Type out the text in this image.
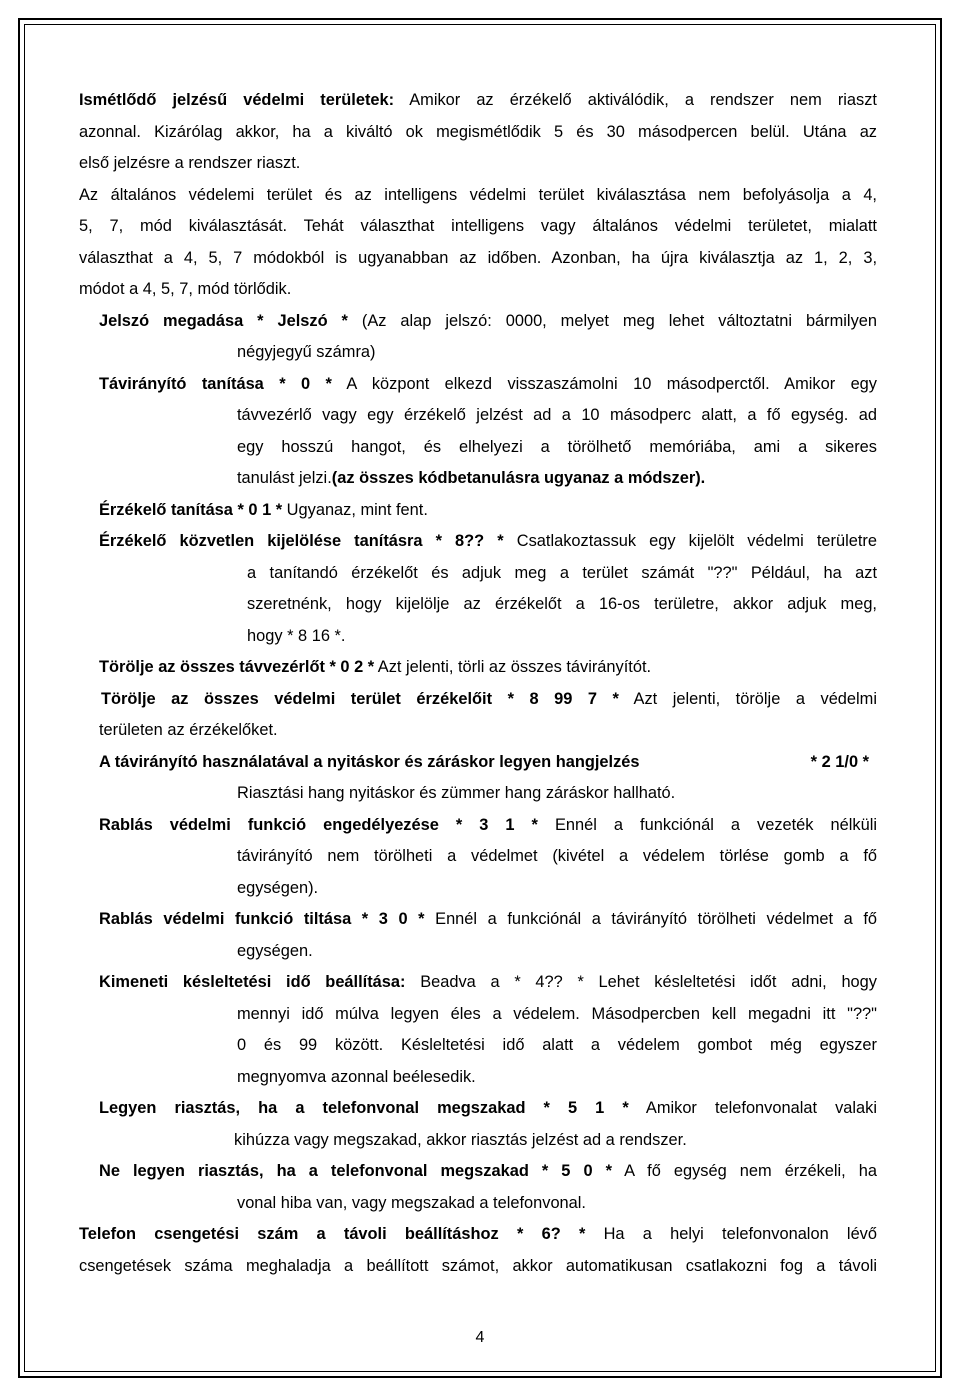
Ismétlődő jelzésű védelmi területek: Amikor az érzékelő aktiválódik, a rendszer nem riaszt

azonnal. Kizárólag akkor, ha a kiváltó ok megismétlődik 5 és 30 másodpercen belül. Utána az

első jelzésre a rendszer riaszt.

Az általános védelemi terület és az intelligens védelmi terület kiválasztása nem befolyásolja a 4,

5, 7, mód kiválasztását. Tehát választhat intelligens vagy általános védelmi területet, mialatt

választhat a 4, 5, 7 módokból is ugyanabban az időben. Azonban, ha újra kiválasztja az 1, 2, 3,

módot a 4, 5, 7, mód törlődik.

Jelszó megadása * Jelszó * (Az alap jelszó: 0000, melyet meg lehet változtatni bármilyen

négyjegyű számra)

Távirányító tanítása * 0 * A központ elkezd visszaszámolni 10 másodperctől. Amikor egy

távvezérlő vagy egy érzékelő jelzést ad a 10 másodperc alatt, a fő egység. ad

egy hosszú hangot, és elhelyezi a törölhető memóriába, ami a sikeres

tanulást jelzi.(az összes kódbetanulásra ugyanaz a módszer).

Érzékelő tanítása * 0 1 * Ugyanaz, mint fent.

Érzékelő közvetlen kijelölése tanításra * 8?? * Csatlakoztassuk egy kijelölt védelmi területre

a tanítandó érzékelőt és adjuk meg a terület számát "??" Például, ha azt

szeretnénk, hogy kijelölje az érzékelőt a 16-os területre, akkor adjuk meg,

hogy * 8 16 *.

Törölje az összes távvezérlőt * 0 2 * Azt jelenti, törli az összes távirányítót.

Törölje az összes védelmi terület érzékelőit * 8 99 7 * Azt jelenti, törölje a védelmi

területen az érzékelőket.

A távirányító használatával a nyitáskor és záráskor legyen hangjelzés	* 2 1/0 *

Riasztási hang nyitáskor és zümmer hang záráskor hallható.

Rablás védelmi funkció engedélyezése * 3 1 * Ennél a funkciónál a vezeték nélküli

távirányító nem törölheti a védelmet (kivétel a védelem törlése gomb a fő

egységen).

Rablás védelmi funkció tiltása * 3 0 * Ennél a funkciónál a távirányító törölheti védelmet a fő

egységen.

Kimeneti késleltetési idő beállítása: Beadva a * 4?? * Lehet késleltetési időt adni, hogy

mennyi idő múlva legyen éles a védelem. Másodpercben kell megadni itt "??"

0 és 99 között. Késleltetési idő alatt a védelem gombot még egyszer

megnyomva azonnal beélesedik.

Legyen riasztás, ha a telefonvonal megszakad * 5 1 * Amikor telefonvonalat valaki

kihúzza vagy megszakad, akkor riasztás jelzést ad a rendszer.

Ne legyen riasztás, ha a telefonvonal megszakad * 5 0 * A fő egység nem érzékeli, ha

vonal hiba van, vagy megszakad a telefonvonal.

Telefon csengetési szám a távoli beállításhoz * 6? * Ha a helyi telefonvonalon lévő

csengetések száma meghaladja a beállított számot, akkor automatikusan csatlakozni fog a távoli

4
